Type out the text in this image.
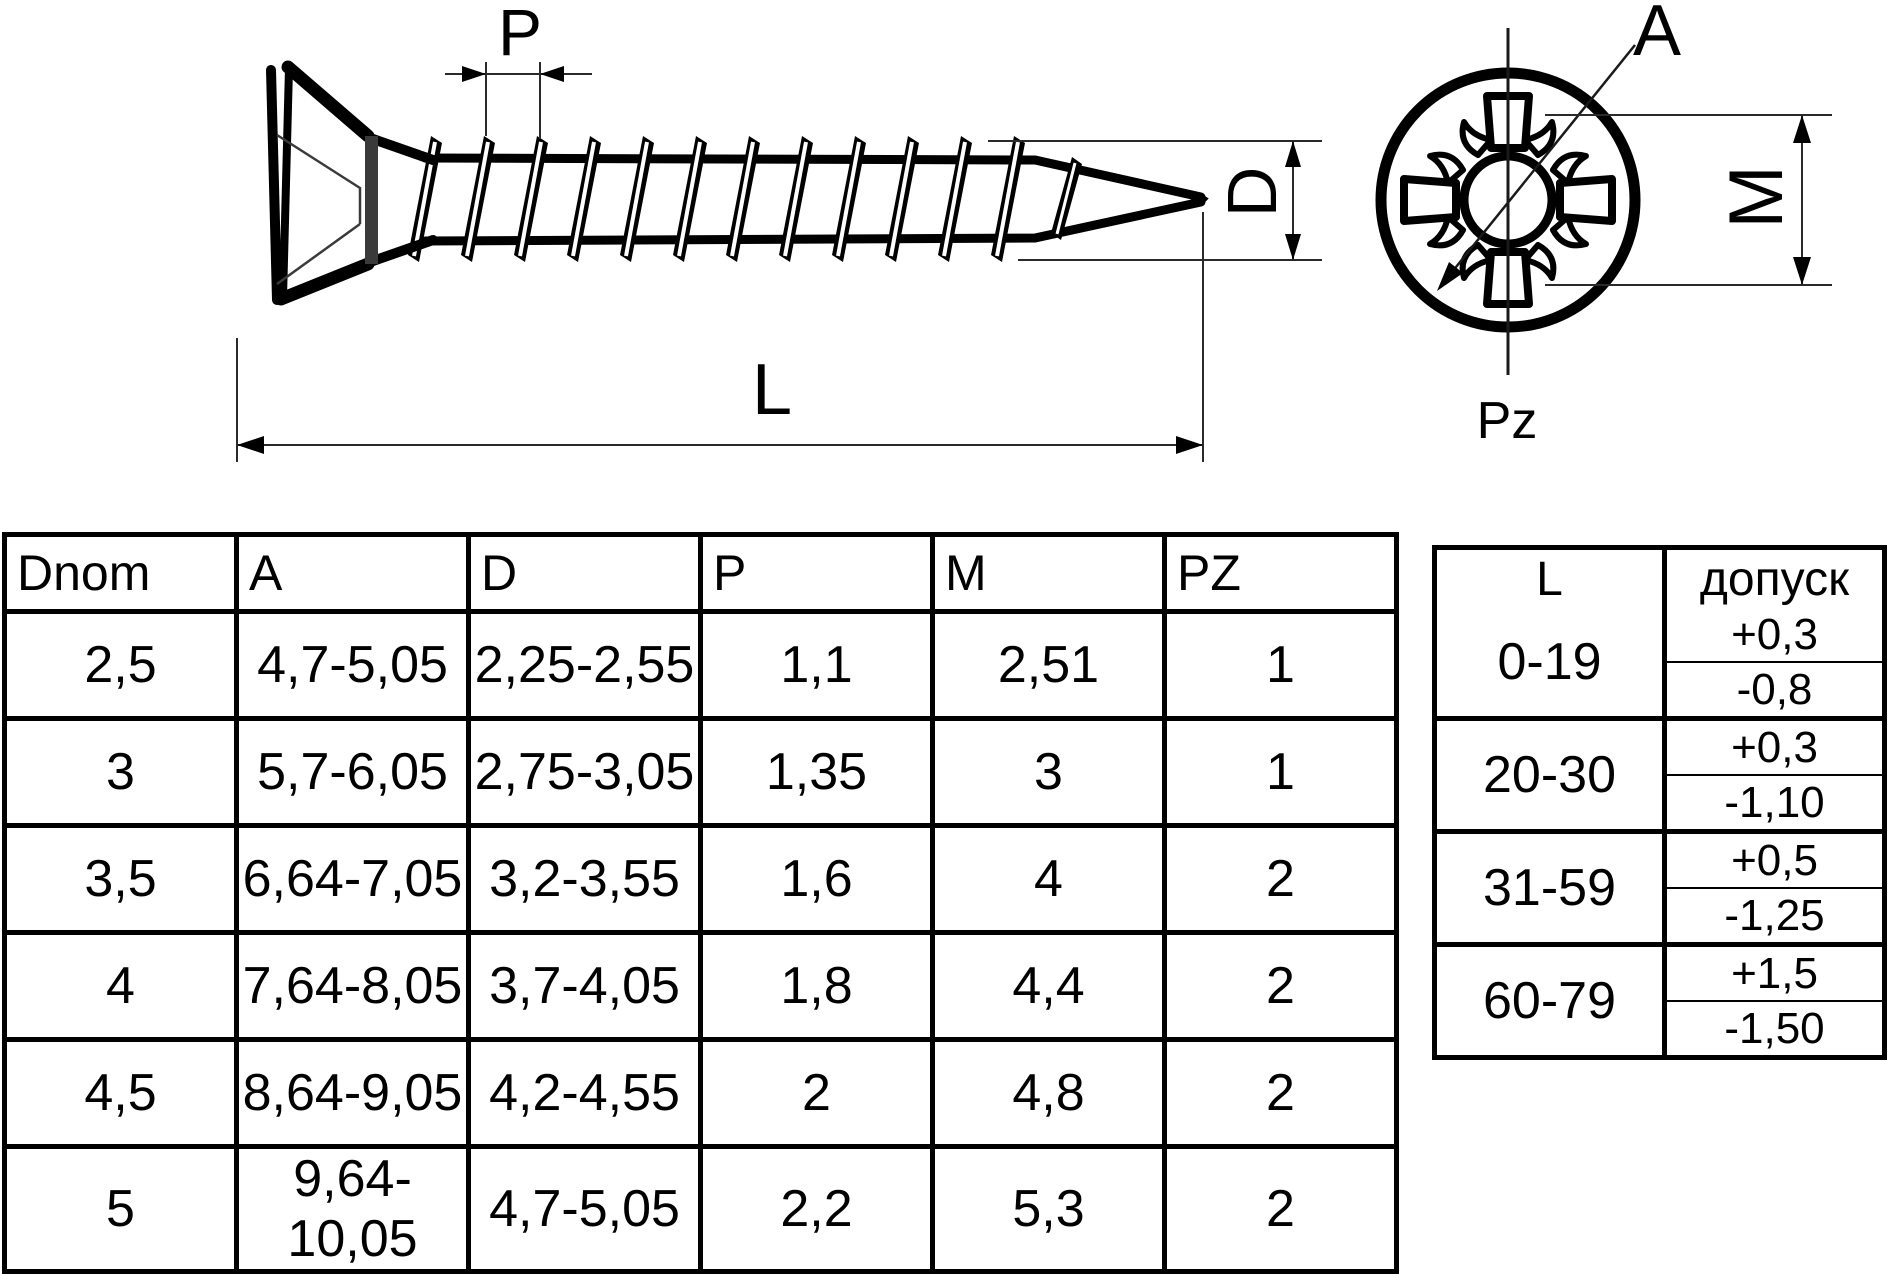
P
D
L
A
M
Pz
Dnom	A	D	P	M	PZ
2,5	4,7-5,05	2,25-2,55	1,1	2,51	1
3	5,7-6,05	2,75-3,05	1,35	3	1
3,5	6,64-7,05	3,2-3,55	1,6	4	2
4	7,64-8,05	3,7-4,05	1,8	4,4	2
4,5	8,64-9,05	4,2-4,55	2	4,8	2
5	9,64-10,05	4,7-5,05	2,2	5,3	2
L	допуск
0-19	+0,3
-0,8
20-30	+0,3
-1,10
31-59	+0,5
-1,25
60-79	+1,5
-1,50
